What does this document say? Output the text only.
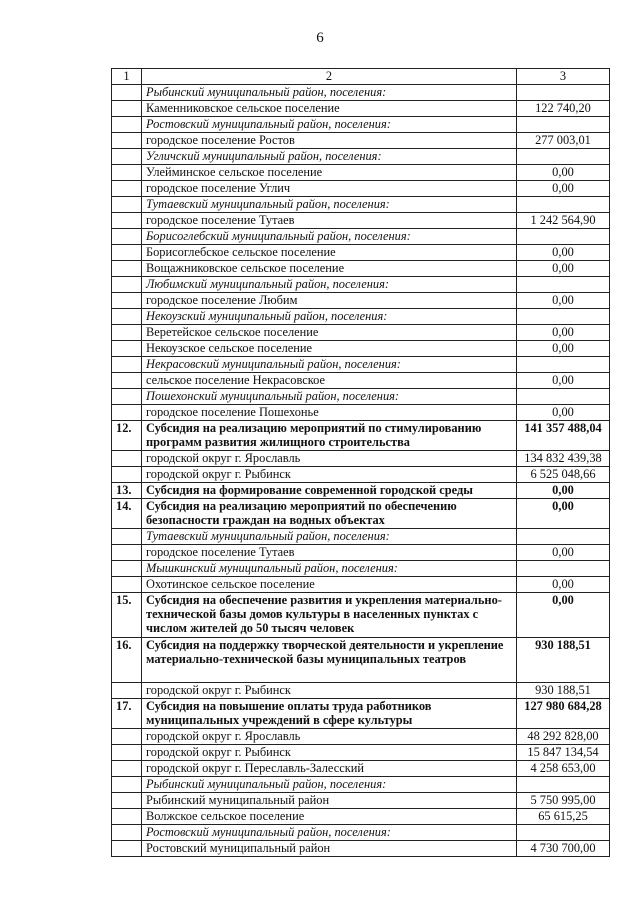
6
1	2	3
	Рыбинский муниципальный район, поселения:	
	Каменниковское сельское поселение	122 740,20
	Ростовский муниципальный район, поселения:	
	городское поселение Ростов	277 003,01
	Угличский муниципальный район, поселения:	
	Улейминское сельское поселение	0,00
	городское поселение Углич	0,00
	Тутаевский муниципальный район, поселения:	
	городское поселение Тутаев	1 242 564,90
	Борисоглебский муниципальный район, поселения:	
	Борисоглебское сельское поселение	0,00
	Вощажниковское сельское поселение	0,00
	Любимский муниципальный район, поселения:	
	городское поселение Любим	0,00
	Некоузский муниципальный район, поселения:	
	Веретейское сельское поселение	0,00
	Некоузское сельское поселение	0,00
	Некрасовский муниципальный район, поселения:	
	сельское поселение Некрасовское	0,00
	Пошехонский муниципальный район, поселения:	
	городское поселение Пошехонье	0,00
12.	Субсидия на реализацию мероприятий по стимулированию программ развития жилищного строительства	141 357 488,04
	городской округ г. Ярославль	134 832 439,38
	городской округ г. Рыбинск	6 525 048,66
13.	Субсидия на формирование современной городской среды	0,00
14.	Субсидия на реализацию мероприятий по обеспечению безопасности граждан на водных объектах	0,00
	Тутаевский муниципальный район, поселения:	
	городское поселение Тутаев	0,00
	Мышкинский муниципальный район, поселения:	
	Охотинское сельское поселение	0,00
15.	Субсидия на обеспечение развития и укрепления материально-технической базы домов культуры в населенных пунктах с числом жителей до 50 тысяч человек	0,00
16.	Субсидия на поддержку творческой деятельности и укрепление материально-технической базы муниципальных театров	930 188,51
	городской округ г. Рыбинск	930 188,51
17.	Субсидия на повышение оплаты труда работников муниципальных учреждений в сфере культуры	127 980 684,28
	городской округ г. Ярославль	48 292 828,00
	городской округ г. Рыбинск	15 847 134,54
	городской округ г. Переславль-Залесский	4 258 653,00
	Рыбинский муниципальный район, поселения:	
	Рыбинский муниципальный район	5 750 995,00
	Волжское сельское поселение	65 615,25
	Ростовский муниципальный район, поселения:	
	Ростовский муниципальный район	4 730 700,00
